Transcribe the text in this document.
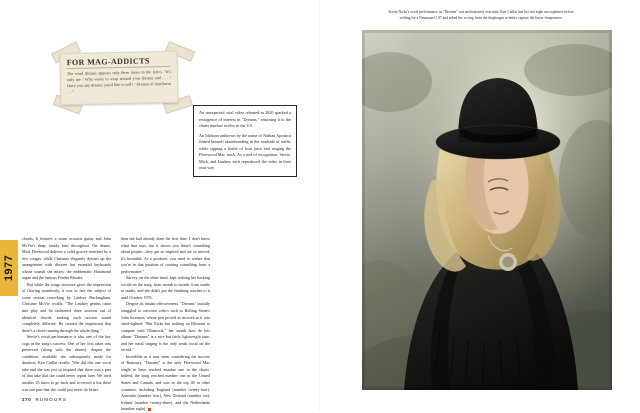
1977
FOR MAG-ADDICTS
The word dreams appears only three times in the lyrics. "It's only me / Who wants to wrap around your dreams and . . . / Have you any dreams you'd like to sell? / Dreams of loneliness . . ."

An unexpected viral video released in 2020 sparked a resurgence of interest in "Dreams," returning it to the charts number twelve in the US.

An Idahoan unknown by the name of Nathan Apodaca filmed himself skateboarding in the roadside of traffic while sipping a bottle of fruit juice and singing the Fleetwood Mac track. As a nod of recognition, Stevie, Mick, and Lindsey each reproduced the video in their own way.

chords. It features a warm acoustic guitar and John McVie's deep, steady bass throughout. On drums, Mick Fleetwood delivers a solid groove enriched by a few congas, while Christine elegantly dresses up the arrangement with discreet but essential keyboards whose sounds she mixes: the emblematic Hammond organ and the famous Fender Rhodes.

But while the songs structure gives the impression of flowing seamlessly, it was in fact the subject of some serious reworking by Lindsey Buckingham. Christine McVie recalls: "The Lindsey genius came into play and he fashioned three sections out of identical chords, making each section sound completely different. He created the impression that there's a chord running through the whole thing."

Stevie's vocal performance is also one of the key cogs in the song's success. One of her first takes was preserved (along with the drums), despite the conditions available she subsequently made for duration. Ken Caillat recalls: "She did this one vocal take and she was just so inspired that there was a part of that take that she could never repeat later. We tried another 25 times to go back and re-record it but there was one part that she could just never do better

than she had already done the first time. I don't know what that says, but it shows you there's something about people—they get so inspired and are so moved, it's beautiful. As a producer, you need to realize that you're in that position of creating something from a performance."

Survey, on the other hand, kept redoing her backing vocals on the song, from month to month, from studio to studio, and she didn't put the finishing touches to it until October 1976.

Despite its instant effectiveness, "Dreams" initially struggled to convince critics such as Rolling Stone's John Swenson, whose pen proved as incisive as it was short-sighted: "But Nicks has nothing on Blossom to compare with Tillamook," her smash hors de lois album. "Dreams" is a nice but fairly lightweight tune, and her nasal singing is the only weak vocal on the record."

Incredible as it may seem considering the success of Rumours, "Dreams" is the only Fleetwood Mac single to have reached number one in the charts. Indeed, the song reached number one in the United States and Canada, and was in the top 40 in other countries, including England (number twenty-four), Australia (number four), New Zealand (number six), Ireland (number twenty-three), and the Netherlands (number eight).

270 RUMOURS
Stevie Nicks's vocal performance on "Dreams" was meticulously executed. Ken Caillat had her test eight microphones before settling for a Neumann U 87 and asked her to sing from the diaphragm to better capture the lower frequencies.
